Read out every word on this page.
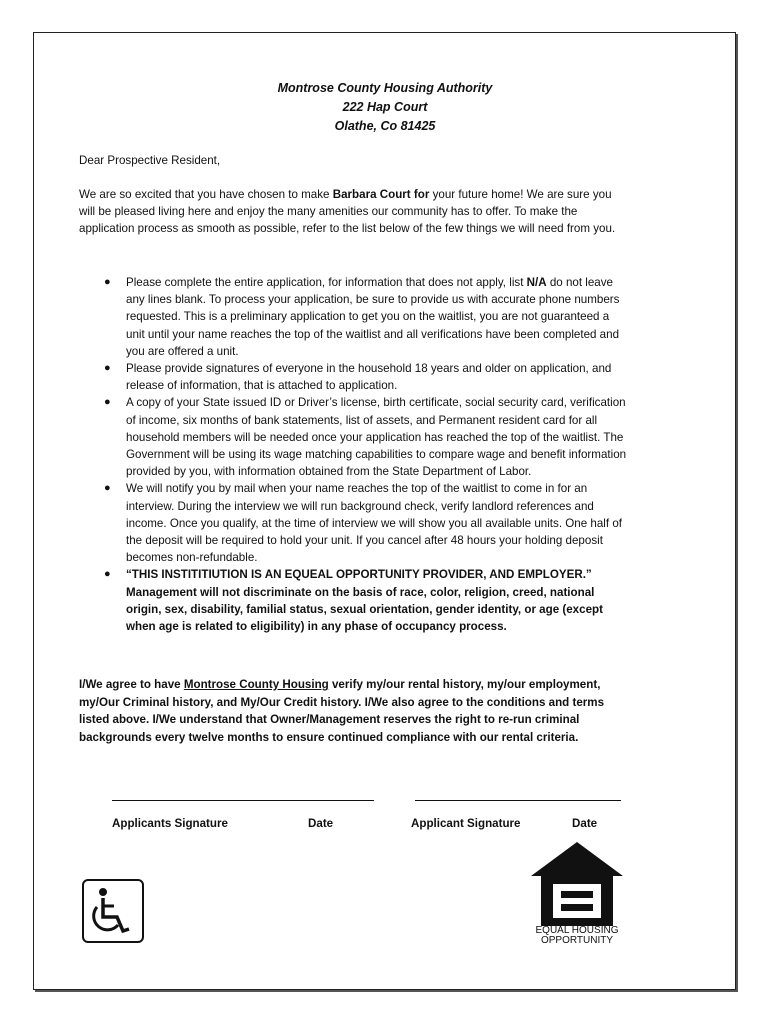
Montrose County Housing Authority
222 Hap Court
Olathe, Co 81425
Dear Prospective Resident,
We are so excited that you have chosen to make Barbara Court for your future home! We are sure you will be pleased living here and enjoy the many amenities our community has to offer. To make the application process as smooth as possible, refer to the list below of the few things we will need from you.
● Please complete the entire application, for information that does not apply, list N/A do not leave any lines blank. To process your application, be sure to provide us with accurate phone numbers requested. This is a preliminary application to get you on the waitlist, you are not guaranteed a unit until your name reaches the top of the waitlist and all verifications have been completed and you are offered a unit.
● Please provide signatures of everyone in the household 18 years and older on application, and release of information, that is attached to application.
● A copy of your State issued ID or Driver’s license, birth certificate, social security card, verification of income, six months of bank statements, list of assets, and Permanent resident card for all household members will be needed once your application has reached the top of the waitlist. The Government will be using its wage matching capabilities to compare wage and benefit information provided by you, with information obtained from the State Department of Labor.
● We will notify you by mail when your name reaches the top of the waitlist to come in for an interview. During the interview we will run background check, verify landlord references and income. Once you qualify, at the time of interview we will show you all available units. One half of the deposit will be required to hold your unit. If you cancel after 48 hours your holding deposit becomes non-refundable.
● “THIS INSTITITIUTION IS AN EQUEAL OPPORTUNITY PROVIDER, AND EMPLOYER.” Management will not discriminate on the basis of race, color, religion, creed, national origin, sex, disability, familial status, sexual orientation, gender identity, or age (except when age is related to eligibility) in any phase of occupancy process.
I/We agree to have Montrose County Housing verify my/our rental history, my/our employment, my/Our Criminal history, and My/Our Credit history. I/We also agree to the conditions and terms listed above. I/We understand that Owner/Management reserves the right to re-run criminal backgrounds every twelve months to ensure continued compliance with our rental criteria.
Applicants Signature	Date	Applicant Signature	Date
EQUAL HOUSING
OPPORTUNITY
